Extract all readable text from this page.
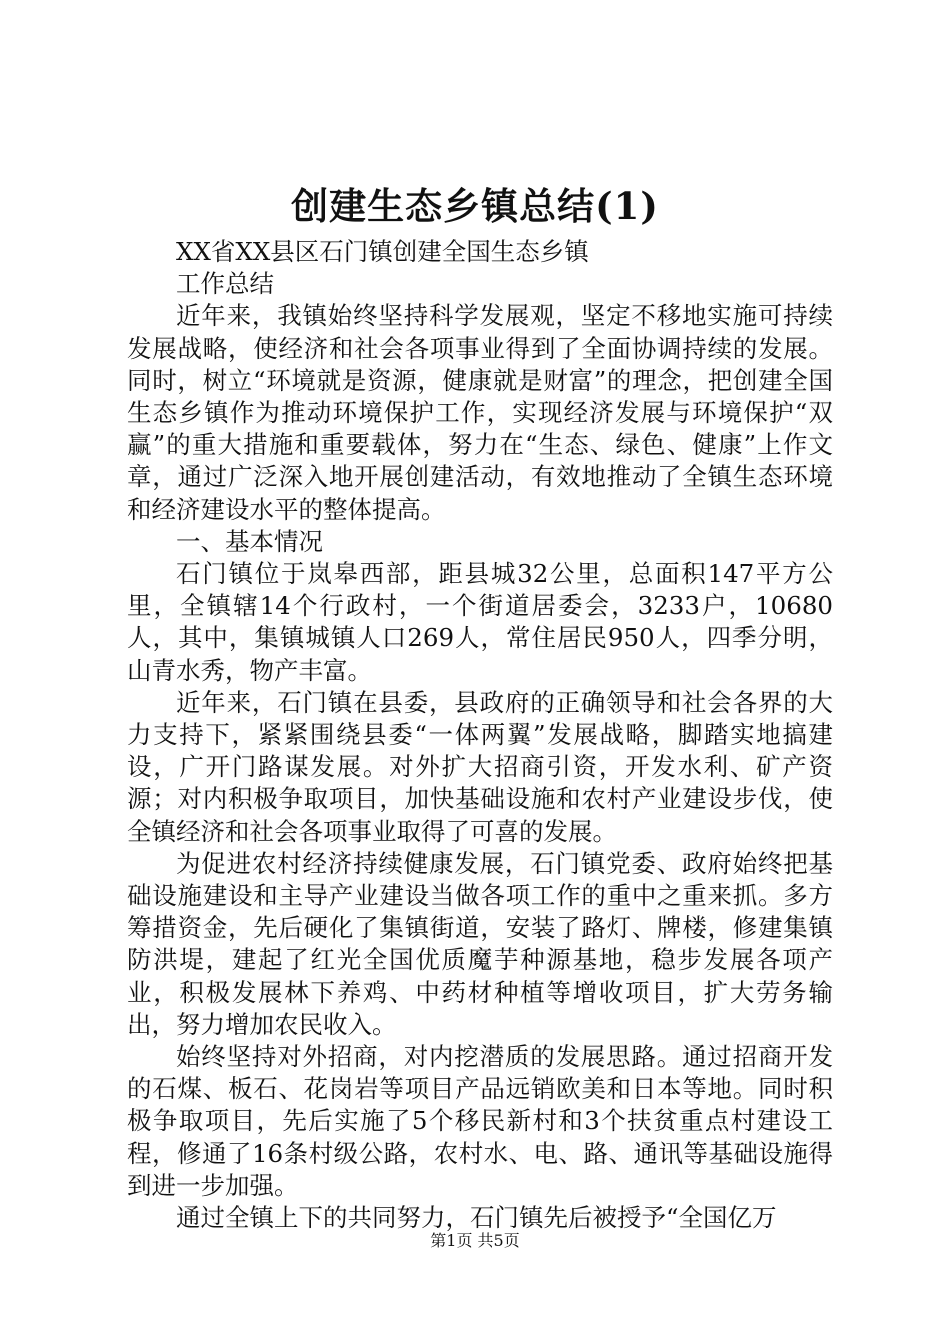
创建生态乡镇总结(1)

XX省XX县区石门镇创建全国生态乡镇

工作总结

近年来，我镇始终坚持科学发展观，坚定不移地实施可持续发展战略，使经济和社会各项事业得到了全面协调持续的发展。同时，树立“环境就是资源，健康就是财富”的理念，把创建全国生态乡镇作为推动环境保护工作，实现经济发展与环境保护“双赢”的重大措施和重要载体，努力在“生态、绿色、健康”上作文章，通过广泛深入地开展创建活动，有效地推动了全镇生态环境和经济建设水平的整体提高。

一、基本情况

石门镇位于岚皋西部，距县城32公里，总面积147平方公里，全镇辖14个行政村，一个街道居委会，3233户，10680人，其中，集镇城镇人口269人，常住居民950人，四季分明，山青水秀，物产丰富。

近年来，石门镇在县委，县政府的正确领导和社会各界的大力支持下，紧紧围绕县委“一体两翼”发展战略，脚踏实地搞建设，广开门路谋发展。对外扩大招商引资，开发水利、矿产资源；对内积极争取项目，加快基础设施和农村产业建设步伐，使全镇经济和社会各项事业取得了可喜的发展。

为促进农村经济持续健康发展，石门镇党委、政府始终把基础设施建设和主导产业建设当做各项工作的重中之重来抓。多方筹措资金，先后硬化了集镇街道，安装了路灯、牌楼，修建集镇防洪堤，建起了红光全国优质魔芋种源基地，稳步发展各项产业，积极发展林下养鸡、中药材种植等增收项目，扩大劳务输出，努力增加农民收入。

始终坚持对外招商，对内挖潜质的发展思路。通过招商开发的石煤、板石、花岗岩等项目产品远销欧美和日本等地。同时积极争取项目，先后实施了5个移民新村和3个扶贫重点村建设工程，修通了16条村级公路，农村水、电、路、通讯等基础设施得到进一步加强。

通过全镇上下的共同努力，石门镇先后被授予“全国亿万

第1页 共5页
